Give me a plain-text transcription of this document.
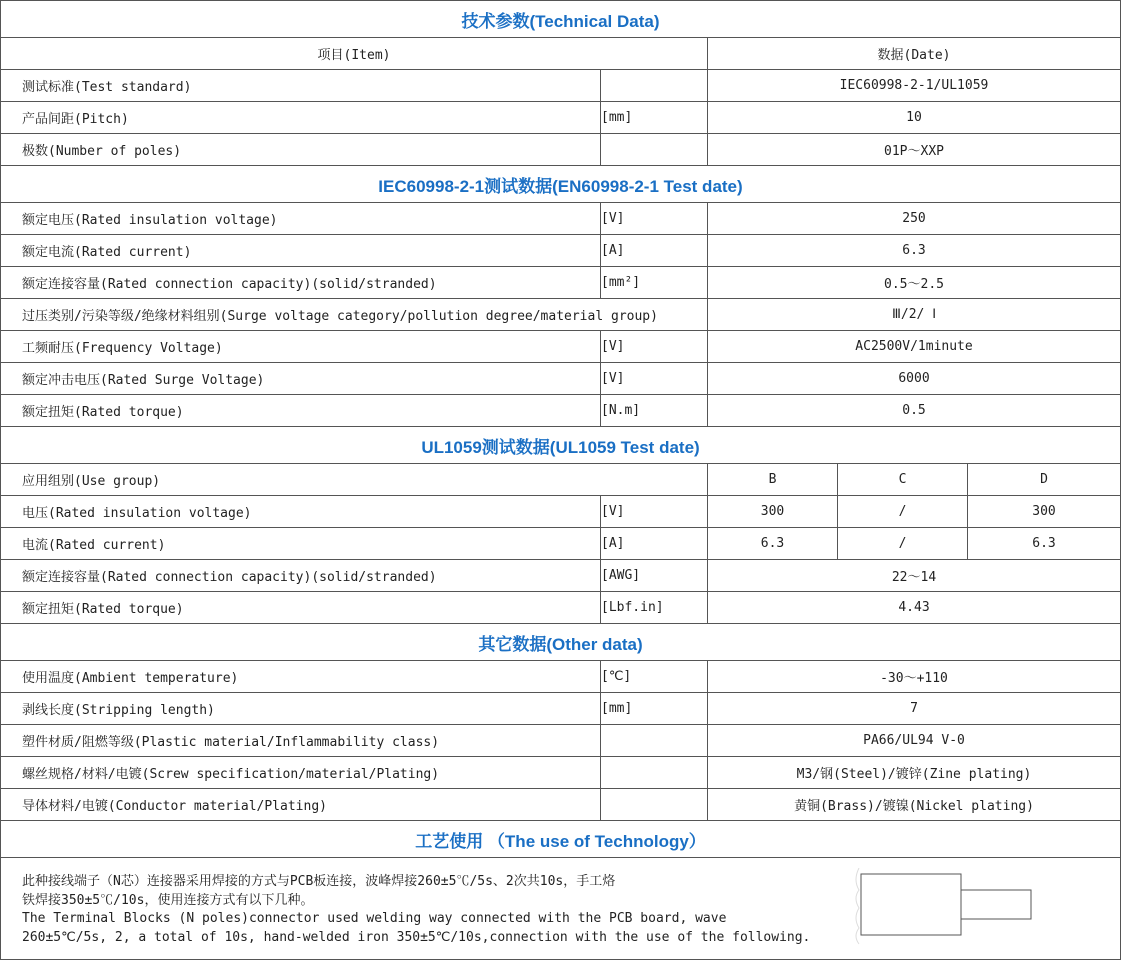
技术参数(Technical Data)				
项目(Item)		数据(Date)		
测试标准(Test standard)		IEC60998-2-1/UL1059		
产品间距(Pitch)	[mm]	10		
极数(Number of poles)		01P～XXP		
IEC60998-2-1测试数据(EN60998-2-1 Test date)				
额定电压(Rated insulation voltage)	[V]	250		
额定电流(Rated current)	[A]	6.3		
额定连接容量(Rated connection capacity)(solid/stranded)	[mm²]	0.5～2.5		
过压类别/污染等级/绝缘材料组别(Surge voltage category/pollution degree/material group)		Ⅲ/2/ Ⅰ		
工频耐压(Frequency Voltage)	[V]	AC2500V/1minute		
额定冲击电压(Rated Surge Voltage)	[V]	6000		
额定扭矩(Rated torque)	[N.m]	0.5		
UL1059测试数据(UL1059 Test date)				
应用组别(Use group)		B	C	D
电压(Rated insulation voltage)	[V]	300	/	300
电流(Rated current)	[A]	6.3	/	6.3
额定连接容量(Rated connection capacity)(solid/stranded)	[AWG]	22～14		
额定扭矩(Rated torque)	[Lbf.in]	4.43		
其它数据(Other data)				
使用温度(Ambient temperature)	[℃]	-30～+110		
剥线长度(Stripping length)	[mm]	7		
塑件材质/阻燃等级(Plastic material/Inflammability class)		PA66/UL94 V-0		
螺丝规格/材料/电镀(Screw specification/material/Plating)		M3/钢(Steel)/镀锌(Zine plating)		
导体材料/电镀(Conductor material/Plating)		黄铜(Brass)/镀镍(Nickel plating)		
工艺使用 （The use of Technology）				

此种接线端子（N芯）连接器采用焊接的方式与PCB板连接，波峰焊接260±5℃/5s、2次共10s，手工烙
铁焊接350±5℃/10s，使用连接方式有以下几种。
The Terminal Blocks (N poles)connector used welding way connected with the PCB board, wave
260±5℃/5s, 2, a total of 10s, hand-welded iron 350±5℃/10s,connection with the use of the following.				
